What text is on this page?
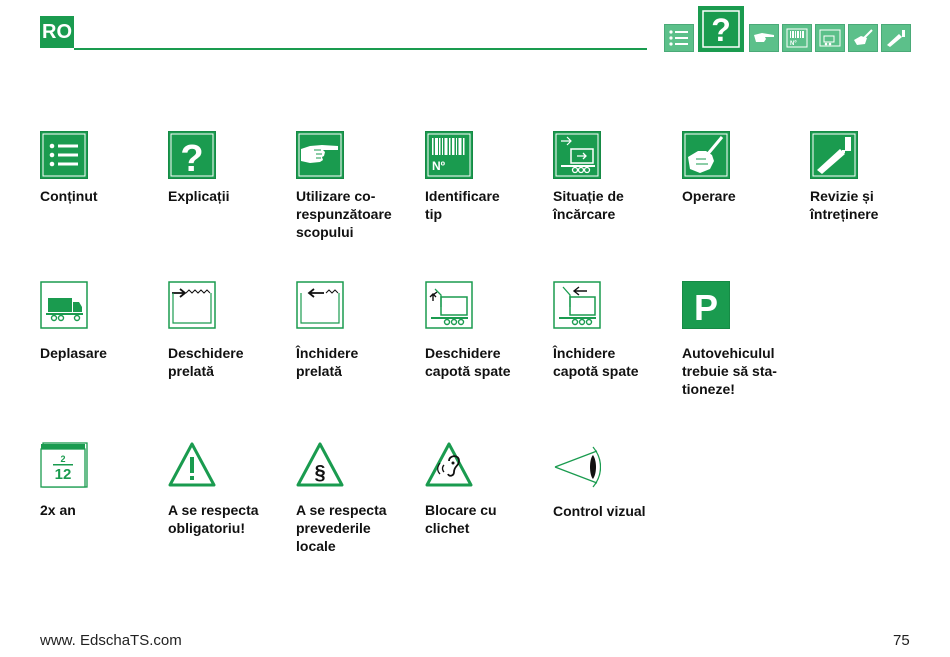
RO	?	Nº
Conținut
?
Explicații	Utilizare co-
respunzătoare
scopului
Nº
Identificare
tip
Situație de
încărcare
Operare	Revizie și
întreținere
Deplasare	Deschidere
prelată
Închidere
prelată
Deschidere
capotă spate
Închidere
capotă spate
P
Autovehiculul
trebuie să sta-
tioneze!
2
12
2x an	A se respecta
obligatoriu!
§
A se respecta
prevederile
locale
Blocare cu
clichet
Control vizual
www. EdschaTS.com	75
